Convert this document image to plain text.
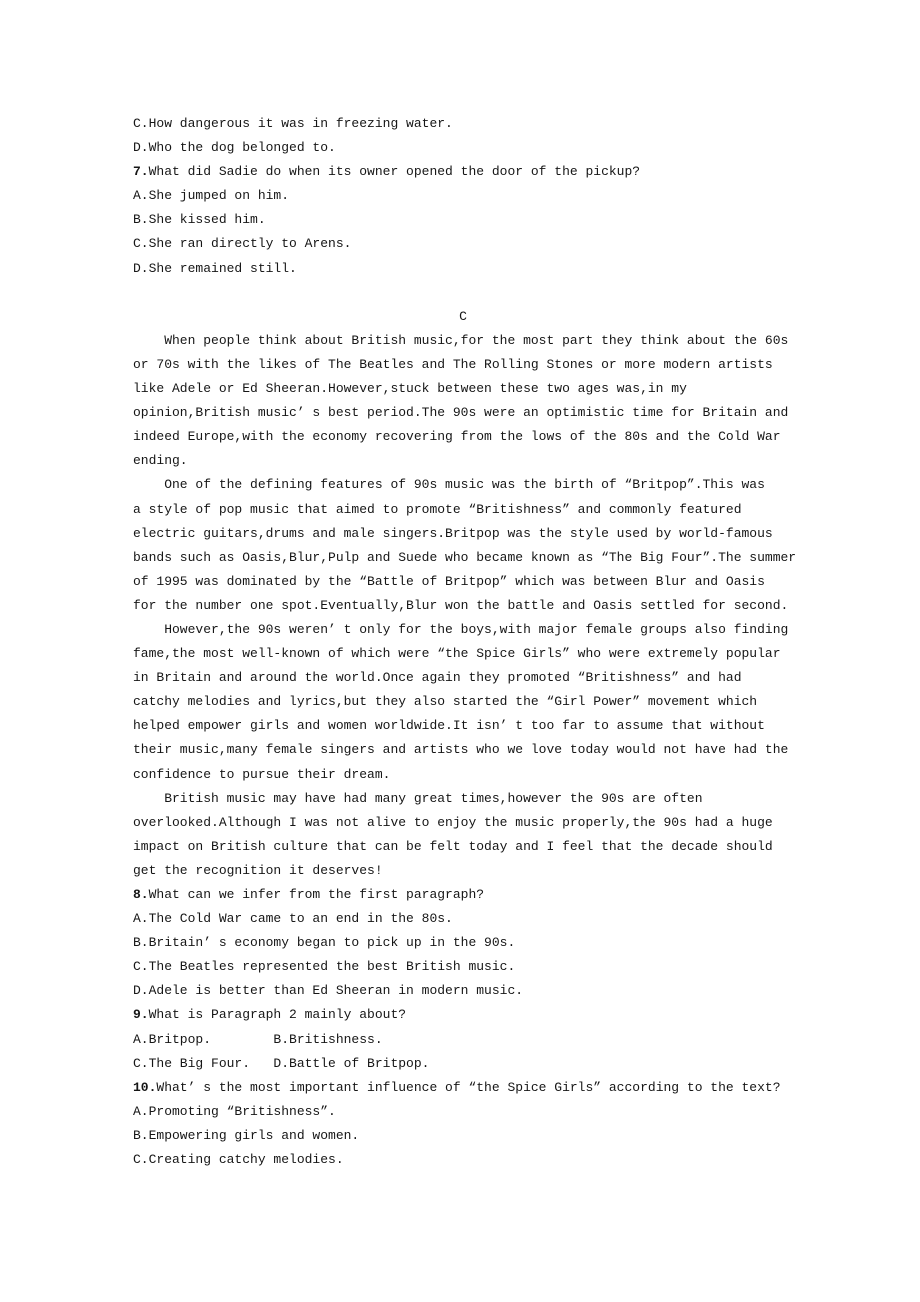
C.How dangerous it was in freezing water.
D.Who the dog belonged to.
7.What did Sadie do when its owner opened the door of the pickup?
A.She jumped on him.
B.She kissed him.
C.She ran directly to Arens.
D.She remained still.
C
When people think about British music,for the most part they think about the 60s
or 70s with the likes of The Beatles and The Rolling Stones or more modern artists
like Adele or Ed Sheeran.However,stuck between these two ages was,in my
opinion,British music’ s best period.The 90s were an optimistic time for Britain and
indeed Europe,with the economy recovering from the lows of the 80s and the Cold War
ending.
One of the defining features of 90s music was the birth of “Britpop”.This was
a style of pop music that aimed to promote “Britishness” and commonly featured
electric guitars,drums and male singers.Britpop was the style used by world-famous
bands such as Oasis,Blur,Pulp and Suede who became known as “The Big Four”.The summer
of 1995 was dominated by the “Battle of Britpop” which was between Blur and Oasis
for the number one spot.Eventually,Blur won the battle and Oasis settled for second.
However,the 90s weren’ t only for the boys,with major female groups also finding
fame,the most well-known of which were “the Spice Girls” who were extremely popular
in Britain and around the world.Once again they promoted “Britishness” and had
catchy melodies and lyrics,but they also started the “Girl Power” movement which
helped empower girls and women worldwide.It isn’ t too far to assume that without
their music,many female singers and artists who we love today would not have had the
confidence to pursue their dream.
British music may have had many great times,however the 90s are often
overlooked.Although I was not alive to enjoy the music properly,the 90s had a huge
impact on British culture that can be felt today and I feel that the decade should
get the recognition it deserves!
8.What can we infer from the first paragraph?
A.The Cold War came to an end in the 80s.
B.Britain’ s economy began to pick up in the 90s.
C.The Beatles represented the best British music.
D.Adele is better than Ed Sheeran in modern music.
9.What is Paragraph 2 mainly about?
A.Britpop.        B.Britishness.
C.The Big Four.   D.Battle of Britpop.
10.What’ s the most important influence of “the Spice Girls” according to the text?
A.Promoting “Britishness”.
B.Empowering girls and women.
C.Creating catchy melodies.
